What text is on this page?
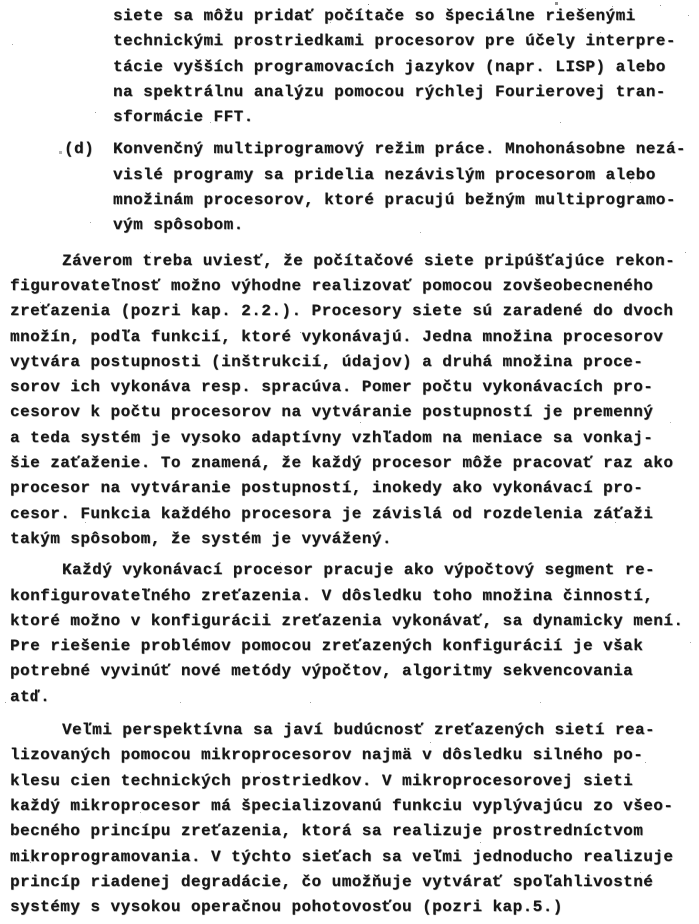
siete sa môžu pridať počítače so špeciálne riešenými
technickými prostriedkami procesorov pre účely interpre-
tácie vyšších programovacích jazykov (napr. LISP) alebo
na spektrálnu analýzu pomocou rýchlej Fourierovej tran-
sformácie FFT.
(d) Konvenčný multiprogramový režim práce. Mnohonásobne nezá-
vislé programy sa pridelia nezávislým procesorom alebo
množinám procesorov, ktoré pracujú bežným multiprogramo-
vým spôsobom.
Záverom treba uviesť, že počítačové siete pripúšťajúce rekon-
figurovateľnosť možno výhodne realizovať pomocou zovšeobecneného
zreťazenia (pozri kap. 2.2.). Procesory siete sú zaradené do dvoch
množín, podľa funkcií, ktoré vykonávajú. Jedna množina procesorov
vytvára postupnosti (inštrukcií, údajov) a druhá množina proce-
sorov ich vykonáva resp. spracúva. Pomer počtu vykonávacích pro-
cesorov k počtu procesorov na vytváranie postupností je premenný
a teda systém je vysoko adaptívny vzhľadom na meniace sa vonkaj-
šie zaťaženie. To znamená, že každý procesor môže pracovať raz ako
procesor na vytváranie postupností, inokedy ako vykonávací pro-
cesor. Funkcia každého procesora je závislá od rozdelenia záťaži
takým spôsobom, že systém je vyvážený.
Každý vykonávací procesor pracuje ako výpočtový segment re-
konfigurovateľného zreťazenia. V dôsledku toho množina činností,
ktoré možno v konfigurácii zreťazenia vykonávať, sa dynamicky mení.
Pre riešenie problémov pomocou zreťazených konfigurácií je však
potrebné vyvinúť nové metódy výpočtov, algoritmy sekvencovania
atď.
Veľmi perspektívna sa javí budúcnosť zreťazených sietí rea-
lizovaných pomocou mikroprocesorov najmä v dôsledku silného po-
klesu cien technických prostriedkov. V mikroprocesorovej sieti
každý mikroprocesor má špecializovanú funkciu vyplývajúcu zo všeo-
becného princípu zreťazenia, ktorá sa realizuje prostredníctvom
mikroprogramovania. V týchto sieťach sa veľmi jednoducho realizuje
princíp riadenej degradácie, čo umožňuje vytvárať spoľahlivostné
systémy s vysokou operačnou pohotovosťou (pozri kap.5.)
